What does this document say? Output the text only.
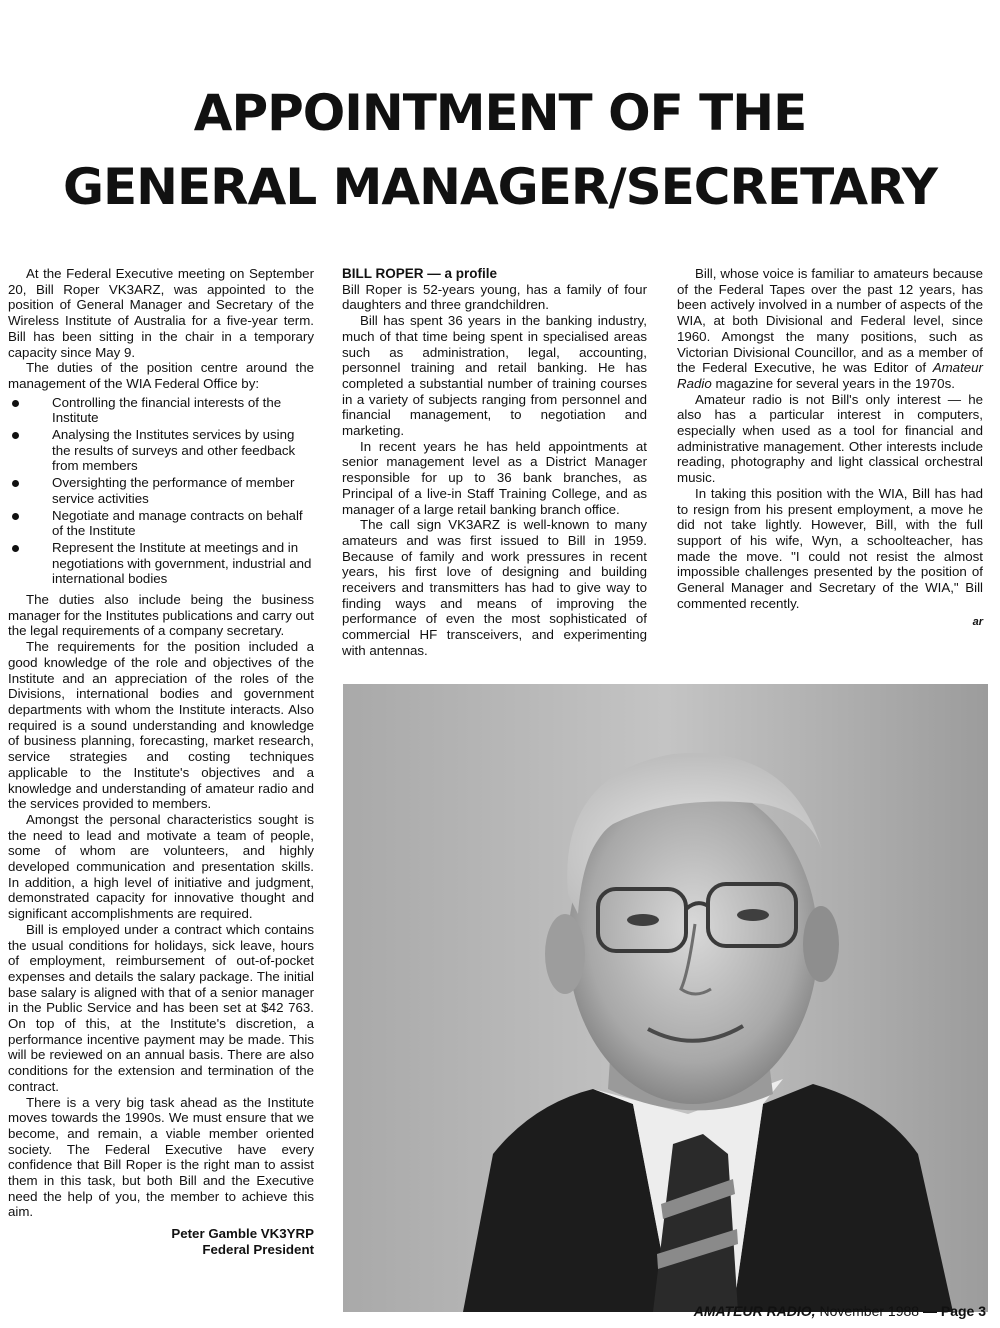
APPOINTMENT OF THE
GENERAL MANAGER/SECRETARY

At the Federal Executive meeting on September 20, Bill Roper VK3ARZ, was appointed to the position of General Manager and Secretary of the Wireless Institute of Australia for a five-year term. Bill has been sitting in the chair in a temporary capacity since May 9.

The duties of the position centre around the management of the WIA Federal Office by:

Controlling the financial interests of the Institute
Analysing the Institutes services by using the results of surveys and other feedback from members
Oversighting the performance of member service activities
Negotiate and manage contracts on behalf of the Institute
Represent the Institute at meetings and in negotiations with government, industrial and international bodies

The duties also include being the business manager for the Institutes publications and carry out the legal requirements of a company secretary.

The requirements for the position included a good knowledge of the role and objectives of the Institute and an appreciation of the roles of the Divisions, international bodies and government departments with whom the Institute interacts. Also required is a sound understanding and knowledge of business planning, forecasting, market research, service strategies and costing techniques applicable to the Institute's objectives and a knowledge and understanding of amateur radio and the services provided to members.

Amongst the personal characteristics sought is the need to lead and motivate a team of people, some of whom are volunteers, and highly developed communication and presentation skills. In addition, a high level of initiative and judgment, demonstrated capacity for innovative thought and significant accomplishments are required.

Bill is employed under a contract which contains the usual conditions for holidays, sick leave, hours of employment, reimbursement of out-of-pocket expenses and details the salary package. The initial base salary is aligned with that of a senior manager in the Public Service and has been set at $42 763. On top of this, at the Institute's discretion, a performance incentive payment may be made. This will be reviewed on an annual basis. There are also conditions for the extension and termination of the contract.

There is a very big task ahead as the Institute moves towards the 1990s. We must ensure that we become, and remain, a viable member oriented society. The Federal Executive have every confidence that Bill Roper is the right man to assist them in this task, but both Bill and the Executive need the help of you, the member to achieve this aim.

Peter Gamble VK3YRP
Federal President

BILL ROPER — a profile

Bill Roper is 52-years young, has a family of four daughters and three grandchildren.

Bill has spent 36 years in the banking industry, much of that time being spent in specialised areas such as administration, legal, accounting, personnel training and retail banking. He has completed a substantial number of training courses in a variety of subjects ranging from personnel and financial management, to negotiation and marketing.

In recent years he has held appointments at senior management level as a District Manager responsible for up to 36 bank branches, as Principal of a live-in Staff Training College, and as manager of a large retail banking branch office.

The call sign VK3ARZ is well-known to many amateurs and was first issued to Bill in 1959. Because of family and work pressures in recent years, his first love of designing and building receivers and transmitters has had to give way to finding ways and means of improving the performance of even the most sophisticated of commercial HF transceivers, and experimenting with antennas.

Bill, whose voice is familiar to amateurs because of the Federal Tapes over the past 12 years, has been actively involved in a number of aspects of the WIA, at both Divisional and Federal level, since 1960. Amongst the many positions, such as Victorian Divisional Councillor, and as a member of the Federal Executive, he was Editor of Amateur Radio magazine for several years in the 1970s.

Amateur radio is not Bill's only interest — he also has a particular interest in computers, especially when used as a tool for financial and administrative management. Other interests include reading, photography and light classical orchestral music.

In taking this position with the WIA, Bill has had to resign from his present employment, a move he did not take lightly. However, Bill, with the full support of his wife, Wyn, a schoolteacher, has made the move. "I could not resist the almost impossible challenges presented by the position of General Manager and Secretary of the WIA," Bill commented recently.

ar
AMATEUR RADIO, November 1988 — Page 3
